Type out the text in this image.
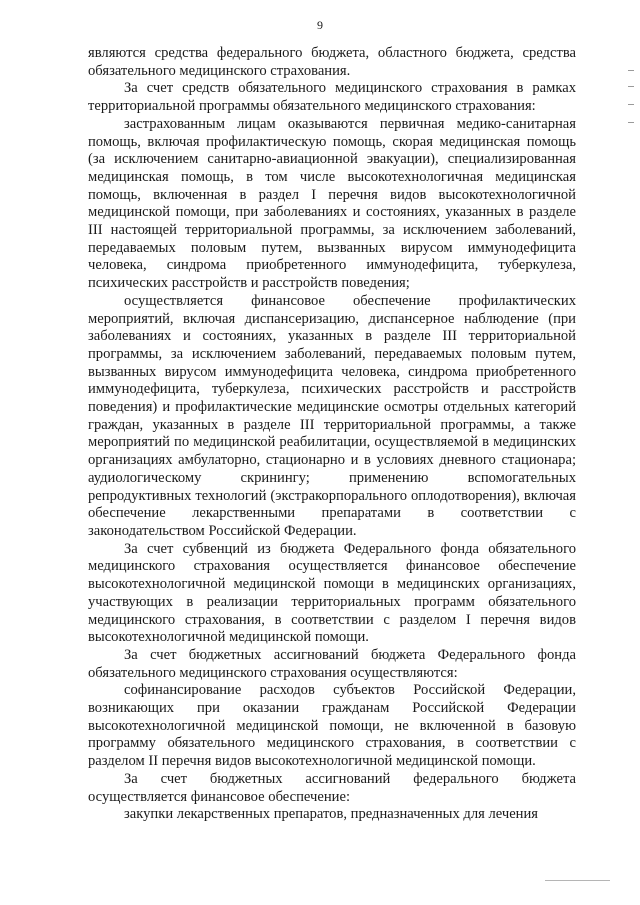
9

являются средства федерального бюджета, областного бюджета, средства обязательного медицинского страхования.

За счет средств обязательного медицинского страхования в рамках территориальной программы обязательного медицинского страхования:

застрахованным лицам оказываются первичная медико-санитарная помощь, включая профилактическую помощь, скорая медицинская помощь (за исключением санитарно-авиационной эвакуации), специализированная медицинская помощь, в том числе высокотехнологичная медицинская помощь, включенная в раздел I перечня видов высокотехнологичной медицинской помощи, при заболеваниях и состояниях, указанных в разделе III настоящей территориальной программы, за исключением заболеваний, передаваемых половым путем, вызванных вирусом иммунодефицита человека, синдрома приобретенного иммунодефицита, туберкулеза, психических расстройств и расстройств поведения;

осуществляется финансовое обеспечение профилактических мероприятий, включая диспансеризацию, диспансерное наблюдение (при заболеваниях и состояниях, указанных в разделе III территориальной программы, за исключением заболеваний, передаваемых половым путем, вызванных вирусом иммунодефицита человека, синдрома приобретенного иммунодефицита, туберкулеза, психических расстройств и расстройств поведения) и профилактические медицинские осмотры отдельных категорий граждан, указанных в разделе III территориальной программы, а также мероприятий по медицинской реабилитации, осуществляемой в медицинских организациях амбулаторно, стационарно и в условиях дневного стационара; аудиологическому скринингу; применению вспомогательных репродуктивных технологий (экстракорпорального оплодотворения), включая обеспечение лекарственными препаратами в соответствии с законодательством Российской Федерации.

За счет субвенций из бюджета Федерального фонда обязательного медицинского страхования осуществляется финансовое обеспечение высокотехнологичной медицинской помощи в медицинских организациях, участвующих в реализации территориальных программ обязательного медицинского страхования, в соответствии с разделом I перечня видов высокотехнологичной медицинской помощи.

За счет бюджетных ассигнований бюджета Федерального фонда обязательного медицинского страхования осуществляются:

софинансирование расходов субъектов Российской Федерации, возникающих при оказании гражданам Российской Федерации высокотехнологичной медицинской помощи, не включенной в базовую программу обязательного медицинского страхования, в соответствии с разделом II перечня видов высокотехнологичной медицинской помощи.

За счет бюджетных ассигнований федерального бюджета осуществляется финансовое обеспечение:

закупки лекарственных препаратов, предназначенных для лечения
